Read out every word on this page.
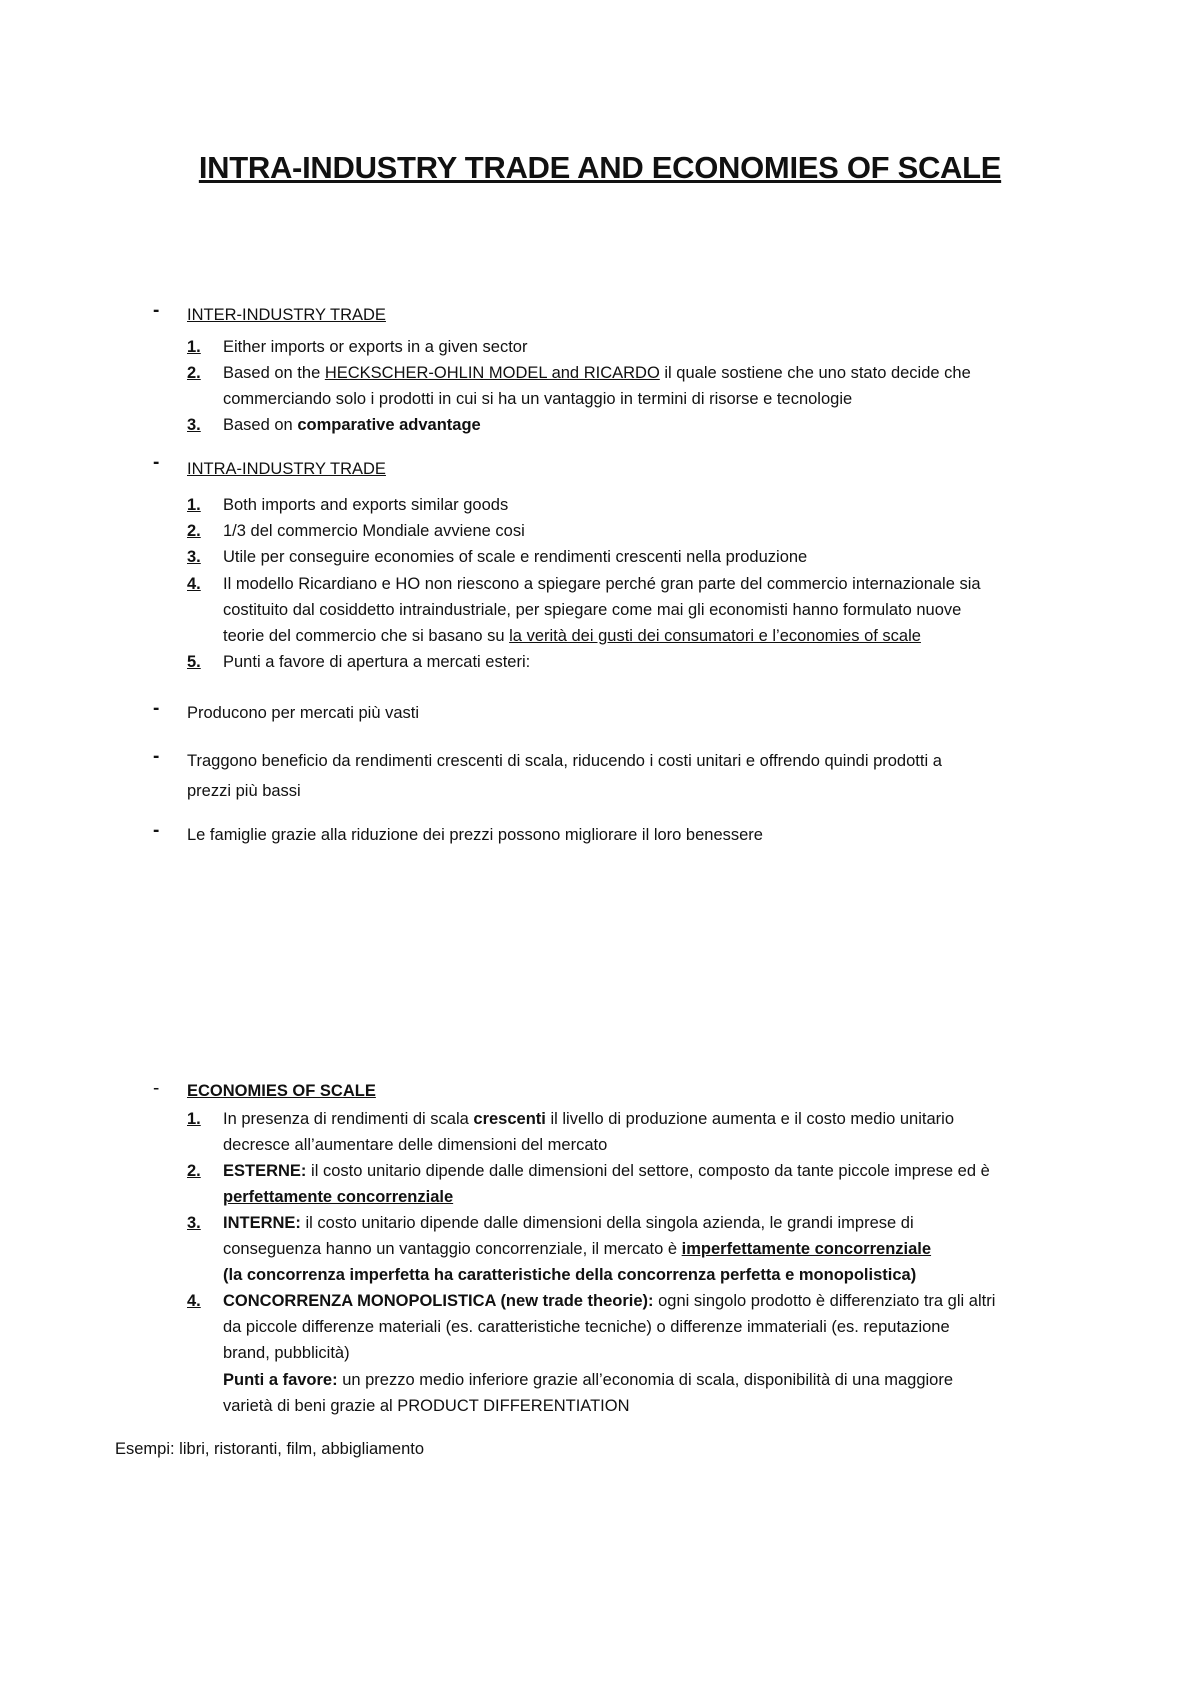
INTRA-INDUSTRY TRADE AND ECONOMIES OF SCALE
- INTER-INDUSTRY TRADE
1. Either imports or exports in a given sector
2. Based on the HECKSCHER-OHLIN MODEL and RICARDO il quale sostiene che uno stato decide che
commerciando solo i prodotti in cui si ha un vantaggio in termini di risorse e tecnologie
3. Based on comparative advantage
- INTRA-INDUSTRY TRADE
1. Both imports and exports similar goods
2. 1/3 del commercio Mondiale avviene cosi
3. Utile per conseguire economies of scale e rendimenti crescenti nella produzione
4. Il modello Ricardiano e HO non riescono a spiegare perché gran parte del commercio internazionale sia
costituito dal cosiddetto intraindustriale, per spiegare come mai gli economisti hanno formulato nuove
teorie del commercio che si basano su la verità dei gusti dei consumatori e l’economies of scale
5. Punti a favore di apertura a mercati esteri:
- Producono per mercati più vasti
- Traggono beneficio da rendimenti crescenti di scala, riducendo i costi unitari e offrendo quindi prodotti a
prezzi più bassi
- Le famiglie grazie alla riduzione dei prezzi possono migliorare il loro benessere
- ECONOMIES OF SCALE
1. In presenza di rendimenti di scala crescenti il livello di produzione aumenta e il costo medio unitario
decresce all’aumentare delle dimensioni del mercato
2. ESTERNE: il costo unitario dipende dalle dimensioni del settore, composto da tante piccole imprese ed è
perfettamente concorrenziale
3. INTERNE: il costo unitario dipende dalle dimensioni della singola azienda, le grandi imprese di
conseguenza hanno un vantaggio concorrenziale, il mercato è imperfettamente concorrenziale
(la concorrenza imperfetta ha caratteristiche della concorrenza perfetta e monopolistica)
4. CONCORRENZA MONOPOLISTICA (new trade theorie): ogni singolo prodotto è differenziato tra gli altri
da piccole differenze materiali (es. caratteristiche tecniche) o differenze immateriali (es. reputazione
brand, pubblicità)
Punti a favore: un prezzo medio inferiore grazie all’economia di scala, disponibilità di una maggiore
varietà di beni grazie al PRODUCT DIFFERENTIATION
Esempi: libri, ristoranti, film, abbigliamento
